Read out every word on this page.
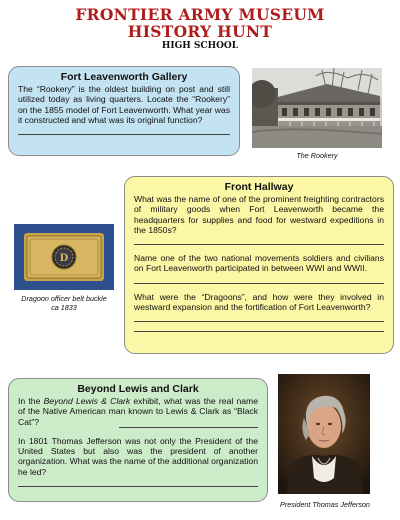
FRONTIER ARMY MUSEUM
HISTORY HUNT
HIGH SCHOOL
Fort Leavenworth Gallery

The “Rookery” is the oldest building on post and still utilized today as living quarters. Locate the “Rookery” on the 1855 model of Fort Leavenworth. What year was it constructed and what was its original function?

The Rookery
Front Hallway

What was the name of one of the prominent freighting contractors of military goods when Fort Leavenworth became the headquarters for supplies and food for westward expeditions in the 1850s?

Name one of the two national movements soldiers and civilians on Fort Leavenworth participated in between WWI and WWII.

What were the “Dragoons”, and how were they involved in westward expansion and the fortification of Fort Leavenworth?

D
Dragoon officer belt buckle
ca 1833
Beyond Lewis and Clark

In the Beyond Lewis & Clark exhibit, what was the real name of the Native American man known to Lewis & Clark as “Black Cat”?

In 1801 Thomas Jefferson was not only the President of the United States but also was the president of another organization. What was the name of the additional organization he led?

President Thomas Jefferson
